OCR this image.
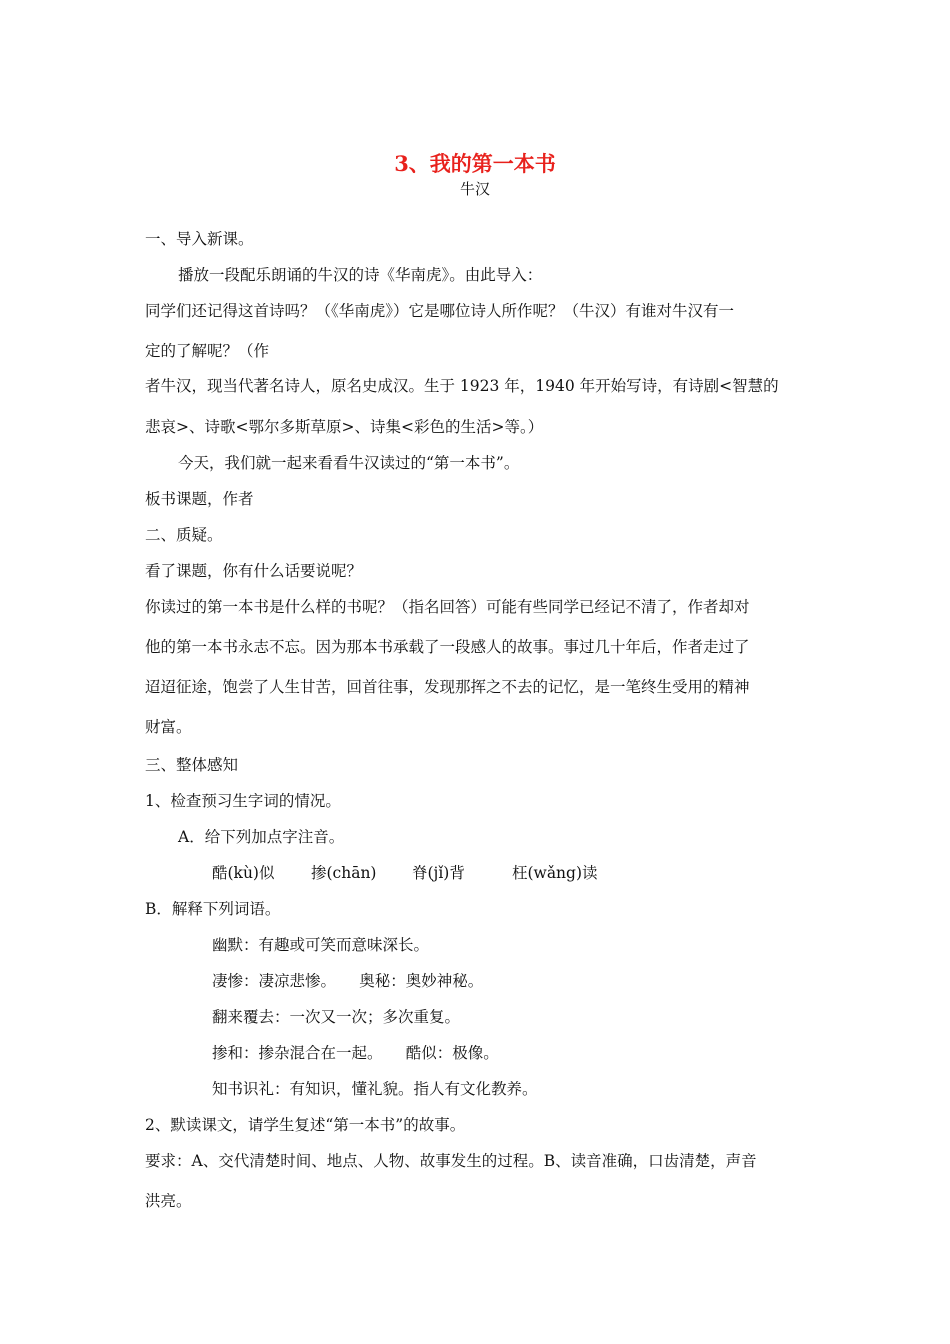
3、我的第一本书
牛汉
一、导入新课。
播放一段配乐朗诵的牛汉的诗《华南虎》。由此导入：
同学们还记得这首诗吗？（《华南虎》）它是哪位诗人所作呢？（牛汉）有谁对牛汉有一
定的了解呢？（作
者牛汉，现当代著名诗人，原名史成汉。生于 1923 年，1940 年开始写诗，有诗剧<智慧的
悲哀>、诗歌<鄂尔多斯草原>、诗集<彩色的生活>等。）
今天，我们就一起来看看牛汉读过的“第一本书”。
板书课题，作者
二、质疑。
看了课题，你有什么话要说呢？
你读过的第一本书是什么样的书呢？（指名回答）可能有些同学已经记不清了，作者却对
他的第一本书永志不忘。因为那本书承载了一段感人的故事。事过几十年后，作者走过了
迢迢征途，饱尝了人生甘苦，回首往事，发现那挥之不去的记忆，是一笔终生受用的精神
财富。
三、整体感知
1、检查预习生字词的情况。
A．给下列加点字注音。
酷(kù)似 掺(chān) 脊(jǐ)背	枉(wǎng)读
B．解释下列词语。
幽默：有趣或可笑而意味深长。
凄惨：凄凉悲惨。　　奥秘：奥妙神秘。
翻来覆去：一次又一次；多次重复。
掺和：掺杂混合在一起。　　酷似：极像。
知书识礼：有知识，懂礼貌。指人有文化教养。
2、默读课文，请学生复述“第一本书”的故事。
要求：A、交代清楚时间、地点、人物、故事发生的过程。B、读音准确，口齿清楚，声音
洪亮。
